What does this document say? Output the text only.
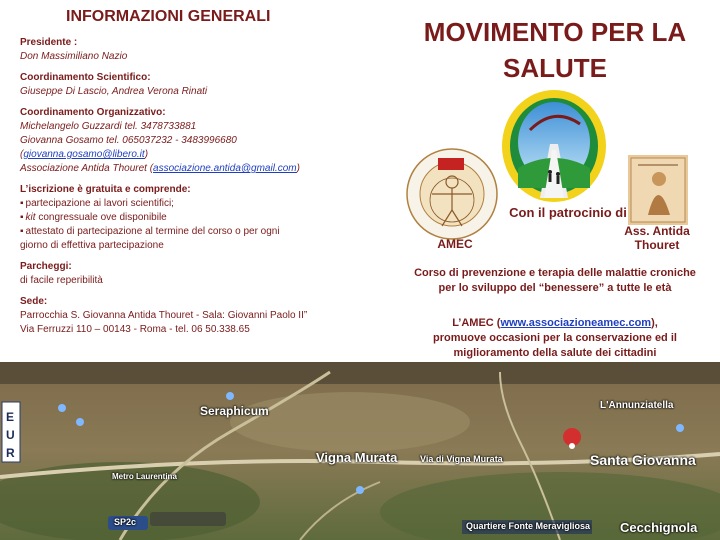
INFORMAZIONI GENERALI
Presidente :
Don Massimiliano Nazio
Coordinamento Scientifico:
Giuseppe Di Lascio, Andrea Verona Rinati
Coordinamento Organizzativo:
Michelangelo Guzzardi tel. 3478733881
Giovanna Gosamo tel. 065037232 - 3483996680
(giovanna.gosamo@libero.it)
Associazione Antida Thouret (associazione.antida@gmail.com)
L’iscrizione è gratuita e comprende:
▪ partecipazione ai lavori scientifici;
▪ kit congressuale ove disponibile
▪ attestato di partecipazione al termine del corso o per ogni
giorno di effettiva partecipazione
Parcheggi:
di facile reperibilità
Sede:
Parrocchia S. Giovanna Antida Thouret - Sala: Giovanni Paolo II”
Via Ferruzzi 110 – 00143 - Roma - tel. 06 50.338.65
MOVIMENTO PER LA
SALUTE
Con il patrocinio di
AMEC
Ass. Antida
Thouret
Corso di prevenzione e terapia delle malattie croniche
per lo sviluppo del “benessere” a tutte le età
L’AMEC (www.associazioneamec.com),
promuove occasioni per la conservazione ed il
miglioramento della salute dei cittadini
Seraphicum	L'Annunziatella
Vigna Murata	Via di Vigna Murata	Santa Giovanna
Metro Laurentina
SP2c
E
U
R
Quartiere Fonte Meravigliosa Cecchignola
